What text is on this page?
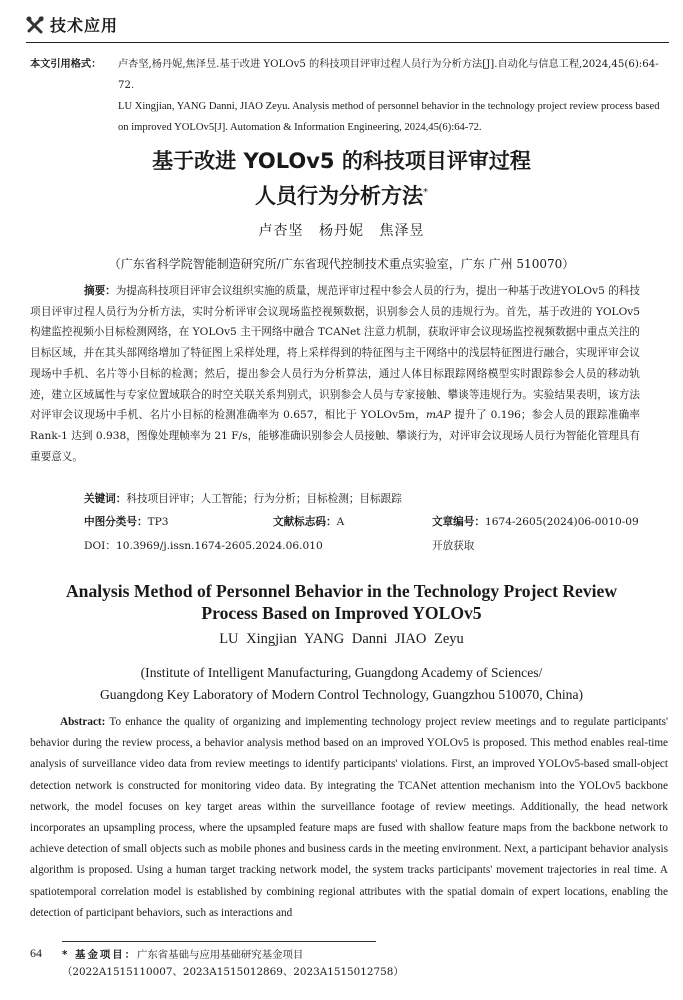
技术应用
本文引用格式：	卢杏坚,杨丹妮,焦泽昱.基于改进 YOLOv5 的科技项目评审过程人员行为分析方法[J].自动化与信息工程,2024,45(6):64-72.
LU Xingjian, YANG Danni, JIAO Zeyu. Analysis method of personnel behavior in the technology project review process based on improved YOLOv5[J]. Automation & Information Engineering, 2024,45(6):64-72.
基于改进 YOLOv5 的科技项目评审过程
人员行为分析方法*
卢杏坚 杨丹妮 焦泽昱
（广东省科学院智能制造研究所/广东省现代控制技术重点实验室，广东 广州 510070）
摘要：为提高科技项目评审会议组织实施的质量，规范评审过程中参会人员的行为，提出一种基于改进YOLOv5 的科技项目评审过程人员行为分析方法，实时分析评审会议现场监控视频数据，识别参会人员的违规行为。首先，基于改进的 YOLOv5 构建监控视频小目标检测网络，在 YOLOv5 主干网络中融合 TCANet 注意力机制，获取评审会议现场监控视频数据中重点关注的目标区域，并在其头部网络增加了特征图上采样处理，将上采样得到的特征图与主干网络中的浅层特征图进行融合，实现评审会议现场中手机、名片等小目标的检测；然后，提出参会人员行为分析算法，通过人体目标跟踪网络模型实时跟踪参会人员的移动轨迹，建立区域属性与专家位置域联合的时空关联关系判别式，识别参会人员与专家接触、攀谈等违规行为。实验结果表明，该方法对评审会议现场中手机、名片小目标的检测准确率为 0.657，相比于 YOLOv5m，mAP 提升了 0.196；参会人员的跟踪准确率 Rank-1 达到 0.938，图像处理帧率为 21 F/s，能够准确识别参会人员接触、攀谈行为，对评审会议现场人员行为智能化管理具有重要意义。
关键词：科技项目评审；人工智能；行为分析；目标检测；目标跟踪
中图分类号：TP3	文献标志码：A	文章编号：1674-2605(2024)06-0010-09
DOI：10.3969/j.issn.1674-2605.2024.06.010	开放获取
Analysis Method of Personnel Behavior in the Technology Project Review
Process Based on Improved YOLOv5
LU Xingjian YANG Danni JIAO Zeyu
(Institute of Intelligent Manufacturing, Guangdong Academy of Sciences/
Guangdong Key Laboratory of Modern Control Technology, Guangzhou 510070, China)
Abstract: To enhance the quality of organizing and implementing technology project review meetings and to regulate participants' behavior during the review process, a behavior analysis method based on an improved YOLOv5 is proposed. This method enables real-time analysis of surveillance video data from review meetings to identify participants' violations. First, an improved YOLOv5-based small-object detection network is constructed for monitoring video data. By integrating the TCANet attention mechanism into the YOLOv5 backbone network, the model focuses on key target areas within the surveillance footage of review meetings. Additionally, the head network incorporates an upsampling process, where the upsampled feature maps are fused with shallow feature maps from the backbone network to achieve detection of small objects such as mobile phones and business cards in the meeting environment. Next, a participant behavior analysis algorithm is proposed. Using a human target tracking network model, the system tracks participants' movement trajectories in real time. A spatiotemporal correlation model is established by combining regional attributes with the spatial domain of expert locations, enabling the detection of participant behaviors, such as interactions and
64 * 基金项目：广东省基础与应用基础研究基金项目
（2022A1515110007、2023A1515012869、2023A1515012758）
